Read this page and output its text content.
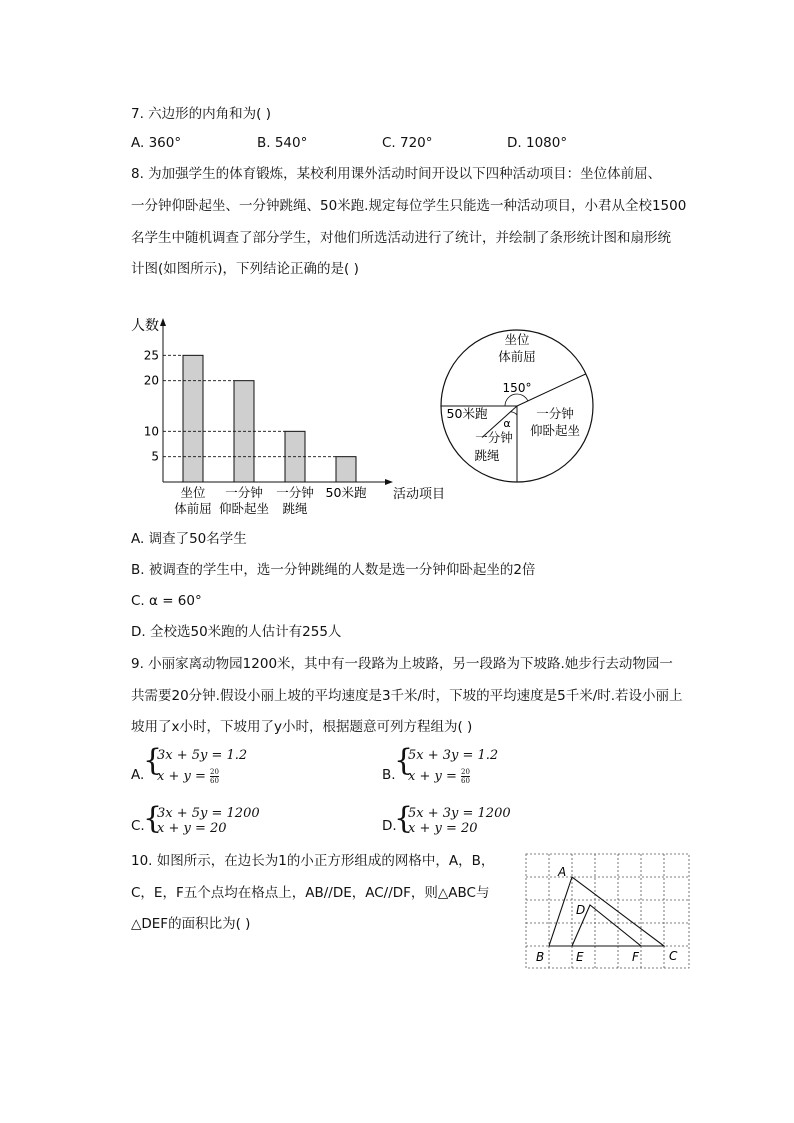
7. 六边形的内角和为( )
A. 360°	B. 540°	C. 720°	D. 1080°
8. 为加强学生的体育锻炼，某校利用课外活动时间开设以下四种活动项目：坐位体前屈、
一分钟仰卧起坐、一分钟跳绳、50米跑.规定每位学生只能选一种活动项目，小君从全校1500
名学生中随机调查了部分学生，对他们所选活动进行了统计，并绘制了条形统计图和扇形统
计图(如图所示)，下列结论正确的是( )
人数
活动项目
坐位
体前屈
一分钟
仰卧起坐
一分钟
跳绳
50米跑
5
10
20
25
坐位
体前屈
150°
一分钟
仰卧起坐
一分钟
跳绳
50米跑
α
A. 调查了50名学生
B. 被调查的学生中，选一分钟跳绳的人数是选一分钟仰卧起坐的2倍
C. α = 60°
D. 全校选50米跑的人估计有255人
9. 小丽家离动物园1200米，其中有一段路为上坡路，另一段路为下坡路.她步行去动物园一
共需要20分钟.假设小丽上坡的平均速度是3千米/时，下坡的平均速度是5千米/时.若设小丽上
坡用了x小时，下坡用了y小时，根据题意可列方程组为( )
A.
{
3x + 5y = 1.2
$x + y = \frac{20}{60}$	B.
{
5x + 3y = 1.2
$x + y = \frac{20}{60}$
C.
{
3x + 5y = 1200
x + y = 20	D.
{
5x + 3y = 1200
x + y = 20
10. 如图所示，在边长为1的小正方形组成的网格中，A，B，
C，E，F五个点均在格点上，AB//DE，AC//DF，则△ABC与
△DEF的面积比为( )
A
B	C
D
E	F
